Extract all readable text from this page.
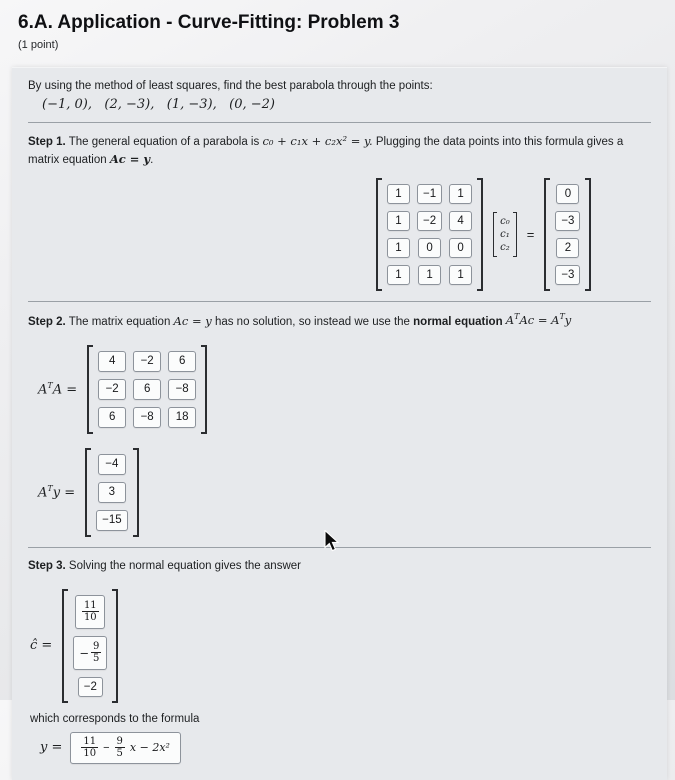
6.A. Application - Curve-Fitting: Problem 3
(1 point)
By using the method of least squares, find the best parabola through the points:
(−1, 0),   (2, −3),   (1, −3),   (0, −2)
Step 1. The general equation of a parabola is c₀ + c₁x + c₂x² = y. Plugging the data points into this formula gives a matrix equation Ac = y.
1	−1	1
1	−2	4
1	0	0
1	1	1
c₀
c₁
c₂
=
0
−3
2
−3
Step 2. The matrix equation Ac = y has no solution, so instead we use the normal equation $A^TAc = A^Ty$
$A^TA$ =
4	−2	6
−2	6	−8
6	−8	18
$A^Ty$ =
−4
3
−15
Step 3. Solving the normal equation gives the answer
ĉ =
$\frac{11}{10}$
− $\frac{9}{5}$
−2
which corresponds to the formula
$y = \frac{11}{10} - \frac{9}{5}$ x − 2x²
